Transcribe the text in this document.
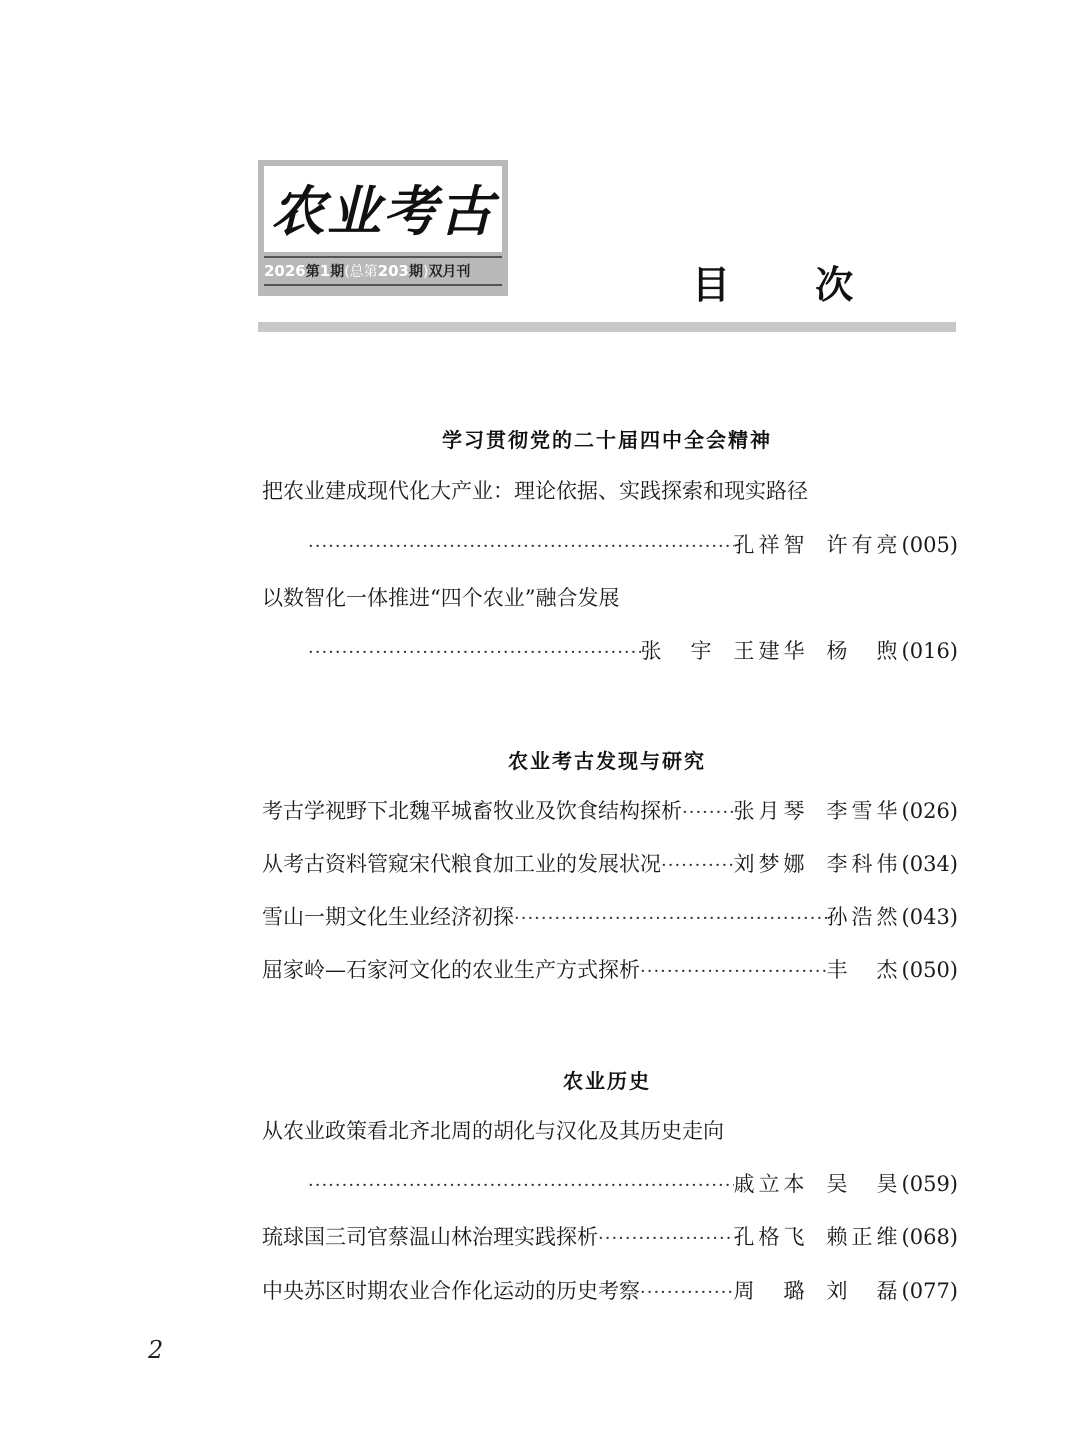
农业考古
2026第1期(总第203期)双月刊	目 次
学习贯彻党的二十届四中全会精神
把农业建成现代化大产业：理论依据、实践探索和现实路径
·····
孔祥智 许有亮 (005)
以数智化一体推进“四个农业”融合发展
·····
张　宇 王建华 杨　煦 (016)
农业考古发现与研究
考古学视野下北魏平城畜牧业及饮食结构探析 ····· 张月琴 李雪华 (026)
从考古资料管窥宋代粮食加工业的发展状况 ·····	刘梦娜 李科伟 (034)
雪山一期文化生业经济初探 ·····	孙浩然 (043)
屈家岭—石家河文化的农业生产方式探析 ·····	丰　杰 (050)
农业历史
从农业政策看北齐北周的胡化与汉化及其历史走向
·····
戚立本 吴　昊 (059)
琉球国三司官蔡温山林治理实践探析 ·····	孔格飞 赖正维 (068)
中央苏区时期农业合作化运动的历史考察 ·····	周　璐 刘　磊 (077)
2
